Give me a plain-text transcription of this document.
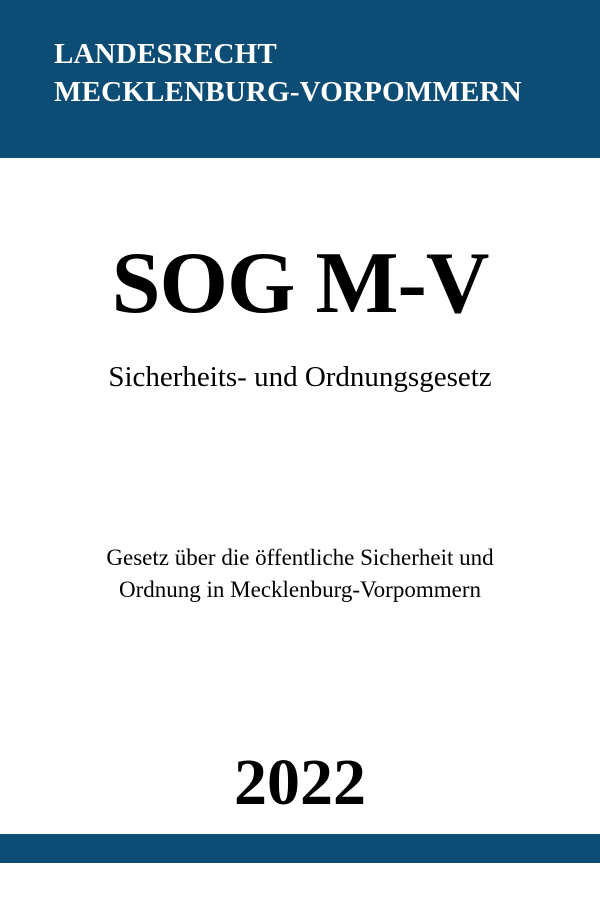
LANDESRECHT
MECKLENBURG-VORPOMMERN
SOG M-V
Sicherheits- und Ordnungsgesetz
Gesetz über die öffentliche Sicherheit und
Ordnung in Mecklenburg-Vorpommern
2022
